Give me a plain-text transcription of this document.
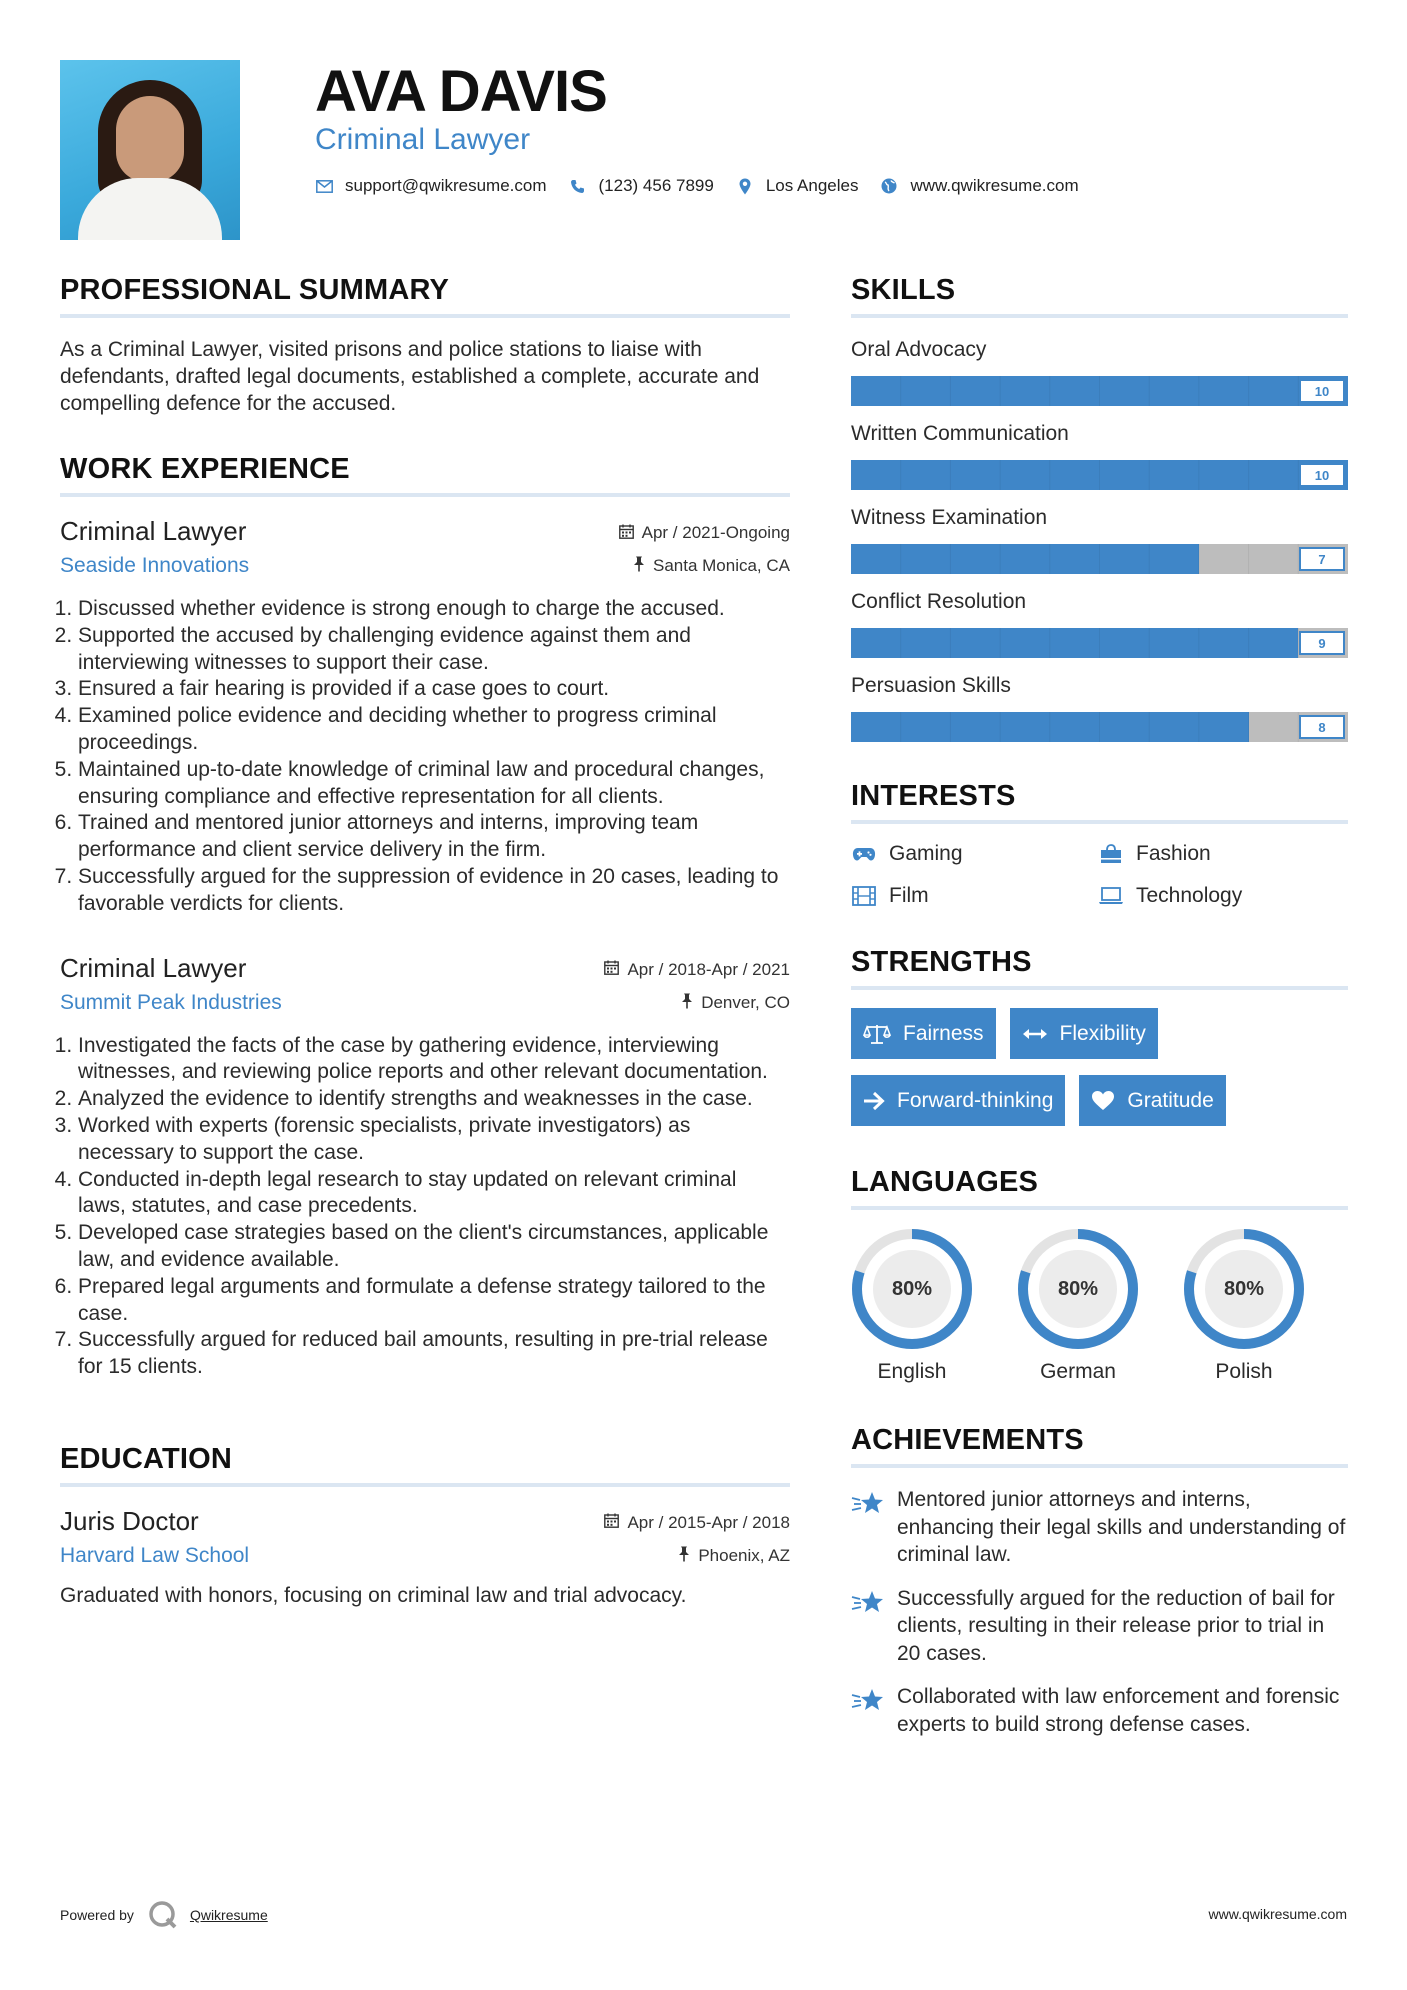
AVA DAVIS
Criminal Lawyer
support@qwikresume.com	(123) 456 7899	Los Angeles	www.qwikresume.com
PROFESSIONAL SUMMARY
As a Criminal Lawyer, visited prisons and police stations to liaise with defendants, drafted legal documents, established a complete, accurate and compelling defence for the accused.
WORK EXPERIENCE
Criminal Lawyer
Seaside Innovations
Apr / 2021-Ongoing
Santa Monica, CA
1. Discussed whether evidence is strong enough to charge the accused.
2. Supported the accused by challenging evidence against them and interviewing witnesses to support their case.
3. Ensured a fair hearing is provided if a case goes to court.
4. Examined police evidence and deciding whether to progress criminal proceedings.
5. Maintained up-to-date knowledge of criminal law and procedural changes, ensuring compliance and effective representation for all clients.
6. Trained and mentored junior attorneys and interns, improving team performance and client service delivery in the firm.
7. Successfully argued for the suppression of evidence in 20 cases, leading to favorable verdicts for clients.
Criminal Lawyer
Summit Peak Industries
Apr / 2018-Apr / 2021
Denver, CO
1. Investigated the facts of the case by gathering evidence, interviewing witnesses, and reviewing police reports and other relevant documentation.
2. Analyzed the evidence to identify strengths and weaknesses in the case.
3. Worked with experts (forensic specialists, private investigators) as necessary to support the case.
4. Conducted in-depth legal research to stay updated on relevant criminal laws, statutes, and case precedents.
5. Developed case strategies based on the client's circumstances, applicable law, and evidence available.
6. Prepared legal arguments and formulate a defense strategy tailored to the case.
7. Successfully argued for reduced bail amounts, resulting in pre-trial release for 15 clients.
EDUCATION
Juris Doctor
Harvard Law School
Apr / 2015-Apr / 2018
Phoenix, AZ
Graduated with honors, focusing on criminal law and trial advocacy.
SKILLS
Oral Advocacy
10
Written Communication
10
Witness Examination
7
Conflict Resolution
9
Persuasion Skills
8
INTERESTS
Gaming	Fashion
Film	Technology
STRENGTHS
Fairness	Flexibility
Forward-thinking	Gratitude
LANGUAGES
80%
English
80%
German
80%
Polish
ACHIEVEMENTS
Mentored junior attorneys and interns, enhancing their legal skills and understanding of criminal law.
Successfully argued for the reduction of bail for clients, resulting in their release prior to trial in 20 cases.
Collaborated with law enforcement and forensic experts to build strong defense cases.
Powered by	Qwikresume	www.qwikresume.com
